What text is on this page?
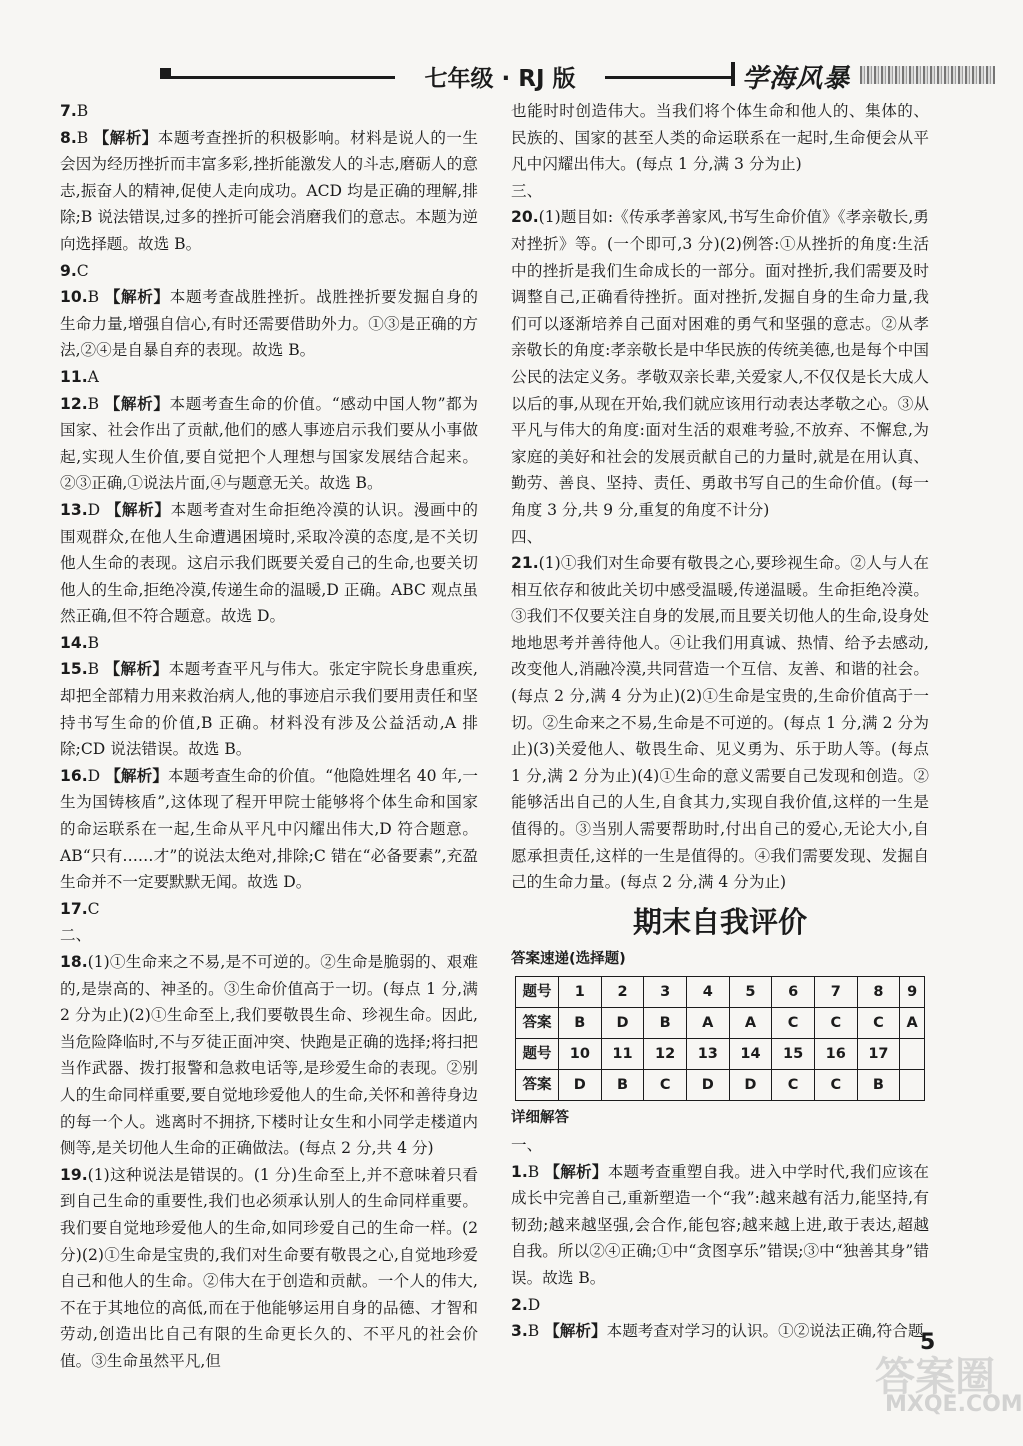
七年级 · RJ 版	学海风暴

7.B

8.B 【解析】本题考查挫折的积极影响。材料是说人的一生会因为经历挫折而丰富多彩,挫折能激发人的斗志,磨砺人的意志,振奋人的精神,促使人走向成功。ACD 均是正确的理解,排除;B 说法错误,过多的挫折可能会消磨我们的意志。本题为逆向选择题。故选 B。

9.C

10.B 【解析】本题考查战胜挫折。战胜挫折要发掘自身的生命力量,增强自信心,有时还需要借助外力。①③是正确的方法,②④是自暴自弃的表现。故选 B。

11.A

12.B 【解析】本题考查生命的价值。“感动中国人物”都为国家、社会作出了贡献,他们的感人事迹启示我们要从小事做起,实现人生价值,要自觉把个人理想与国家发展结合起来。②③正确,①说法片面,④与题意无关。故选 B。

13.D 【解析】本题考查对生命拒绝冷漠的认识。漫画中的围观群众,在他人生命遭遇困境时,采取冷漠的态度,是不关切他人生命的表现。这启示我们既要关爱自己的生命,也要关切他人的生命,拒绝冷漠,传递生命的温暖,D 正确。ABC 观点虽然正确,但不符合题意。故选 D。

14.B

15.B 【解析】本题考查平凡与伟大。张定宇院长身患重疾,却把全部精力用来救治病人,他的事迹启示我们要用责任和坚持书写生命的价值,B 正确。材料没有涉及公益活动,A 排除;CD 说法错误。故选 B。

16.D 【解析】本题考查生命的价值。“他隐姓埋名 40 年,一生为国铸核盾”,这体现了程开甲院士能够将个体生命和国家的命运联系在一起,生命从平凡中闪耀出伟大,D 符合题意。AB“只有……才”的说法太绝对,排除;C 错在“必备要素”,充盈生命并不一定要默默无闻。故选 D。

17.C

二、

18.(1)①生命来之不易,是不可逆的。②生命是脆弱的、艰难的,是崇高的、神圣的。③生命价值高于一切。(每点 1 分,满 2 分为止)(2)①生命至上,我们要敬畏生命、珍视生命。因此,当危险降临时,不与歹徒正面冲突、快跑是正确的选择;将扫把当作武器、拨打报警和急救电话等,是珍爱生命的表现。②别人的生命同样重要,要自觉地珍爱他人的生命,关怀和善待身边的每一个人。逃离时不拥挤,下楼时让女生和小同学走楼道内侧等,是关切他人生命的正确做法。(每点 2 分,共 4 分)

19.(1)这种说法是错误的。(1 分)生命至上,并不意味着只看到自己生命的重要性,我们也必须承认别人的生命同样重要。我们要自觉地珍爱他人的生命,如同珍爱自己的生命一样。(2 分)(2)①生命是宝贵的,我们对生命要有敬畏之心,自觉地珍爱自己和他人的生命。②伟大在于创造和贡献。一个人的伟大,不在于其地位的高低,而在于他能够运用自身的品德、才智和劳动,创造出比自己有限的生命更长久的、不平凡的社会价值。③生命虽然平凡,但

也能时时创造伟大。当我们将个体生命和他人的、集体的、民族的、国家的甚至人类的命运联系在一起时,生命便会从平凡中闪耀出伟大。(每点 1 分,满 3 分为止)

三、

20.(1)题目如:《传承孝善家风,书写生命价值》《孝亲敬长,勇对挫折》等。(一个即可,3 分)(2)例答:①从挫折的角度:生活中的挫折是我们生命成长的一部分。面对挫折,我们需要及时调整自己,正确看待挫折。面对挫折,发掘自身的生命力量,我们可以逐渐培养自己面对困难的勇气和坚强的意志。②从孝亲敬长的角度:孝亲敬长是中华民族的传统美德,也是每个中国公民的法定义务。孝敬双亲长辈,关爱家人,不仅仅是长大成人以后的事,从现在开始,我们就应该用行动表达孝敬之心。③从平凡与伟大的角度:面对生活的艰难考验,不放弃、不懈怠,为家庭的美好和社会的发展贡献自己的力量时,就是在用认真、勤劳、善良、坚持、责任、勇敢书写自己的生命价值。(每一角度 3 分,共 9 分,重复的角度不计分)

四、

21.(1)①我们对生命要有敬畏之心,要珍视生命。②人与人在相互依存和彼此关切中感受温暖,传递温暖。生命拒绝冷漠。③我们不仅要关注自身的发展,而且要关切他人的生命,设身处地地思考并善待他人。④让我们用真诚、热情、给予去感动,改变他人,消融冷漠,共同营造一个互信、友善、和谐的社会。(每点 2 分,满 4 分为止)(2)①生命是宝贵的,生命价值高于一切。②生命来之不易,生命是不可逆的。(每点 1 分,满 2 分为止)(3)关爱他人、敬畏生命、见义勇为、乐于助人等。(每点 1 分,满 2 分为止)(4)①生命的意义需要自己发现和创造。②能够活出自己的人生,自食其力,实现自我价值,这样的一生是值得的。③当别人需要帮助时,付出自己的爱心,无论大小,自愿承担责任,这样的一生是值得的。④我们需要发现、发掘自己的生命力量。(每点 2 分,满 4 分为止)

期末自我评价
答案速递(选择题)
题号	1	2	3	4	5	6	7	8	9
答案	B	D	B	A	A	C	C	C	A
题号	10	11	12	13	14	15	16	17	
答案	D	B	C	D	D	C	C	B	
详细解答

一、

1.B 【解析】本题考查重塑自我。进入中学时代,我们应该在成长中完善自己,重新塑造一个“我”:越来越有活力,能坚持,有韧劲;越来越坚强,会合作,能包容;越来越上进,敢于表达,超越自我。所以②④正确;①中“贪图享乐”错误;③中“独善其身”错误。故选 B。

2.D

3.B 【解析】本题考查对学习的认识。①②说法正确,符合题

5
答案圈
MXQE.COM
